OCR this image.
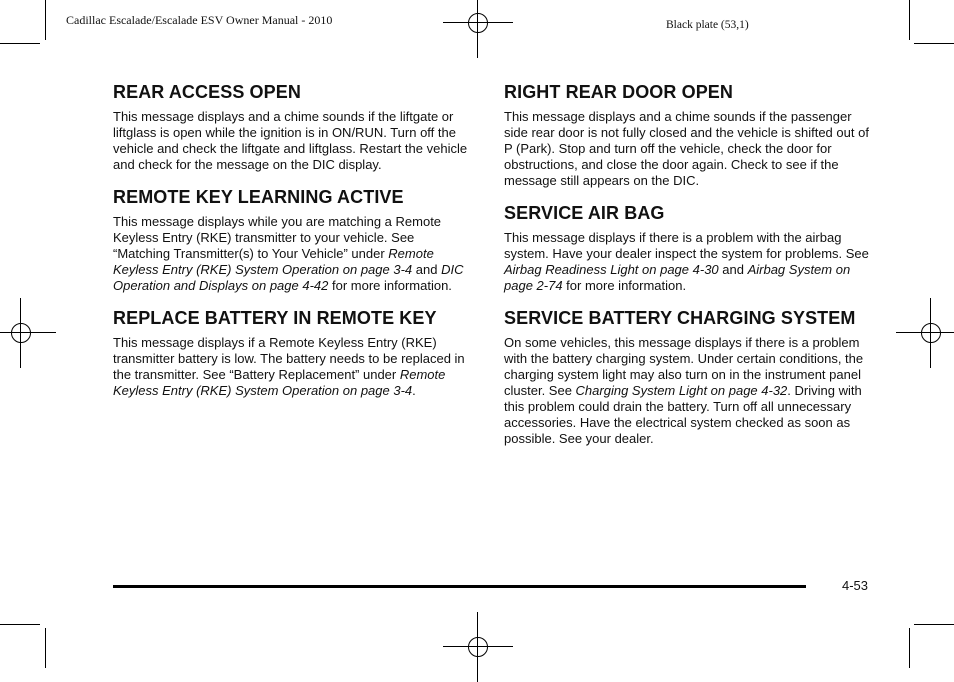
Cadillac Escalade/Escalade ESV Owner Manual - 2010	Black plate (53,1)
REAR ACCESS OPEN

This message displays and a chime sounds if the liftgate or liftglass is open while the ignition is in ON/RUN. Turn off the vehicle and check the liftgate and liftglass. Restart the vehicle and check for the message on the DIC display.

REMOTE KEY LEARNING ACTIVE

This message displays while you are matching a Remote Keyless Entry (RKE) transmitter to your vehicle. See “Matching Transmitter(s) to Your Vehicle” under Remote Keyless Entry (RKE) System Operation on page 3-4 and DIC Operation and Displays on page 4-42 for more information.

REPLACE BATTERY IN REMOTE KEY

This message displays if a Remote Keyless Entry (RKE) transmitter battery is low. The battery needs to be replaced in the transmitter. See “Battery Replacement” under Remote Keyless Entry (RKE) System Operation on page 3-4.

RIGHT REAR DOOR OPEN

This message displays and a chime sounds if the passenger side rear door is not fully closed and the vehicle is shifted out of P (Park). Stop and turn off the vehicle, check the door for obstructions, and close the door again. Check to see if the message still appears on the DIC.

SERVICE AIR BAG

This message displays if there is a problem with the airbag system. Have your dealer inspect the system for problems. See Airbag Readiness Light on page 4-30 and Airbag System on page 2-74 for more information.

SERVICE BATTERY CHARGING SYSTEM

On some vehicles, this message displays if there is a problem with the battery charging system. Under certain conditions, the charging system light may also turn on in the instrument panel cluster. See Charging System Light on page 4-32. Driving with this problem could drain the battery. Turn off all unnecessary accessories. Have the electrical system checked as soon as possible. See your dealer.

4-53
